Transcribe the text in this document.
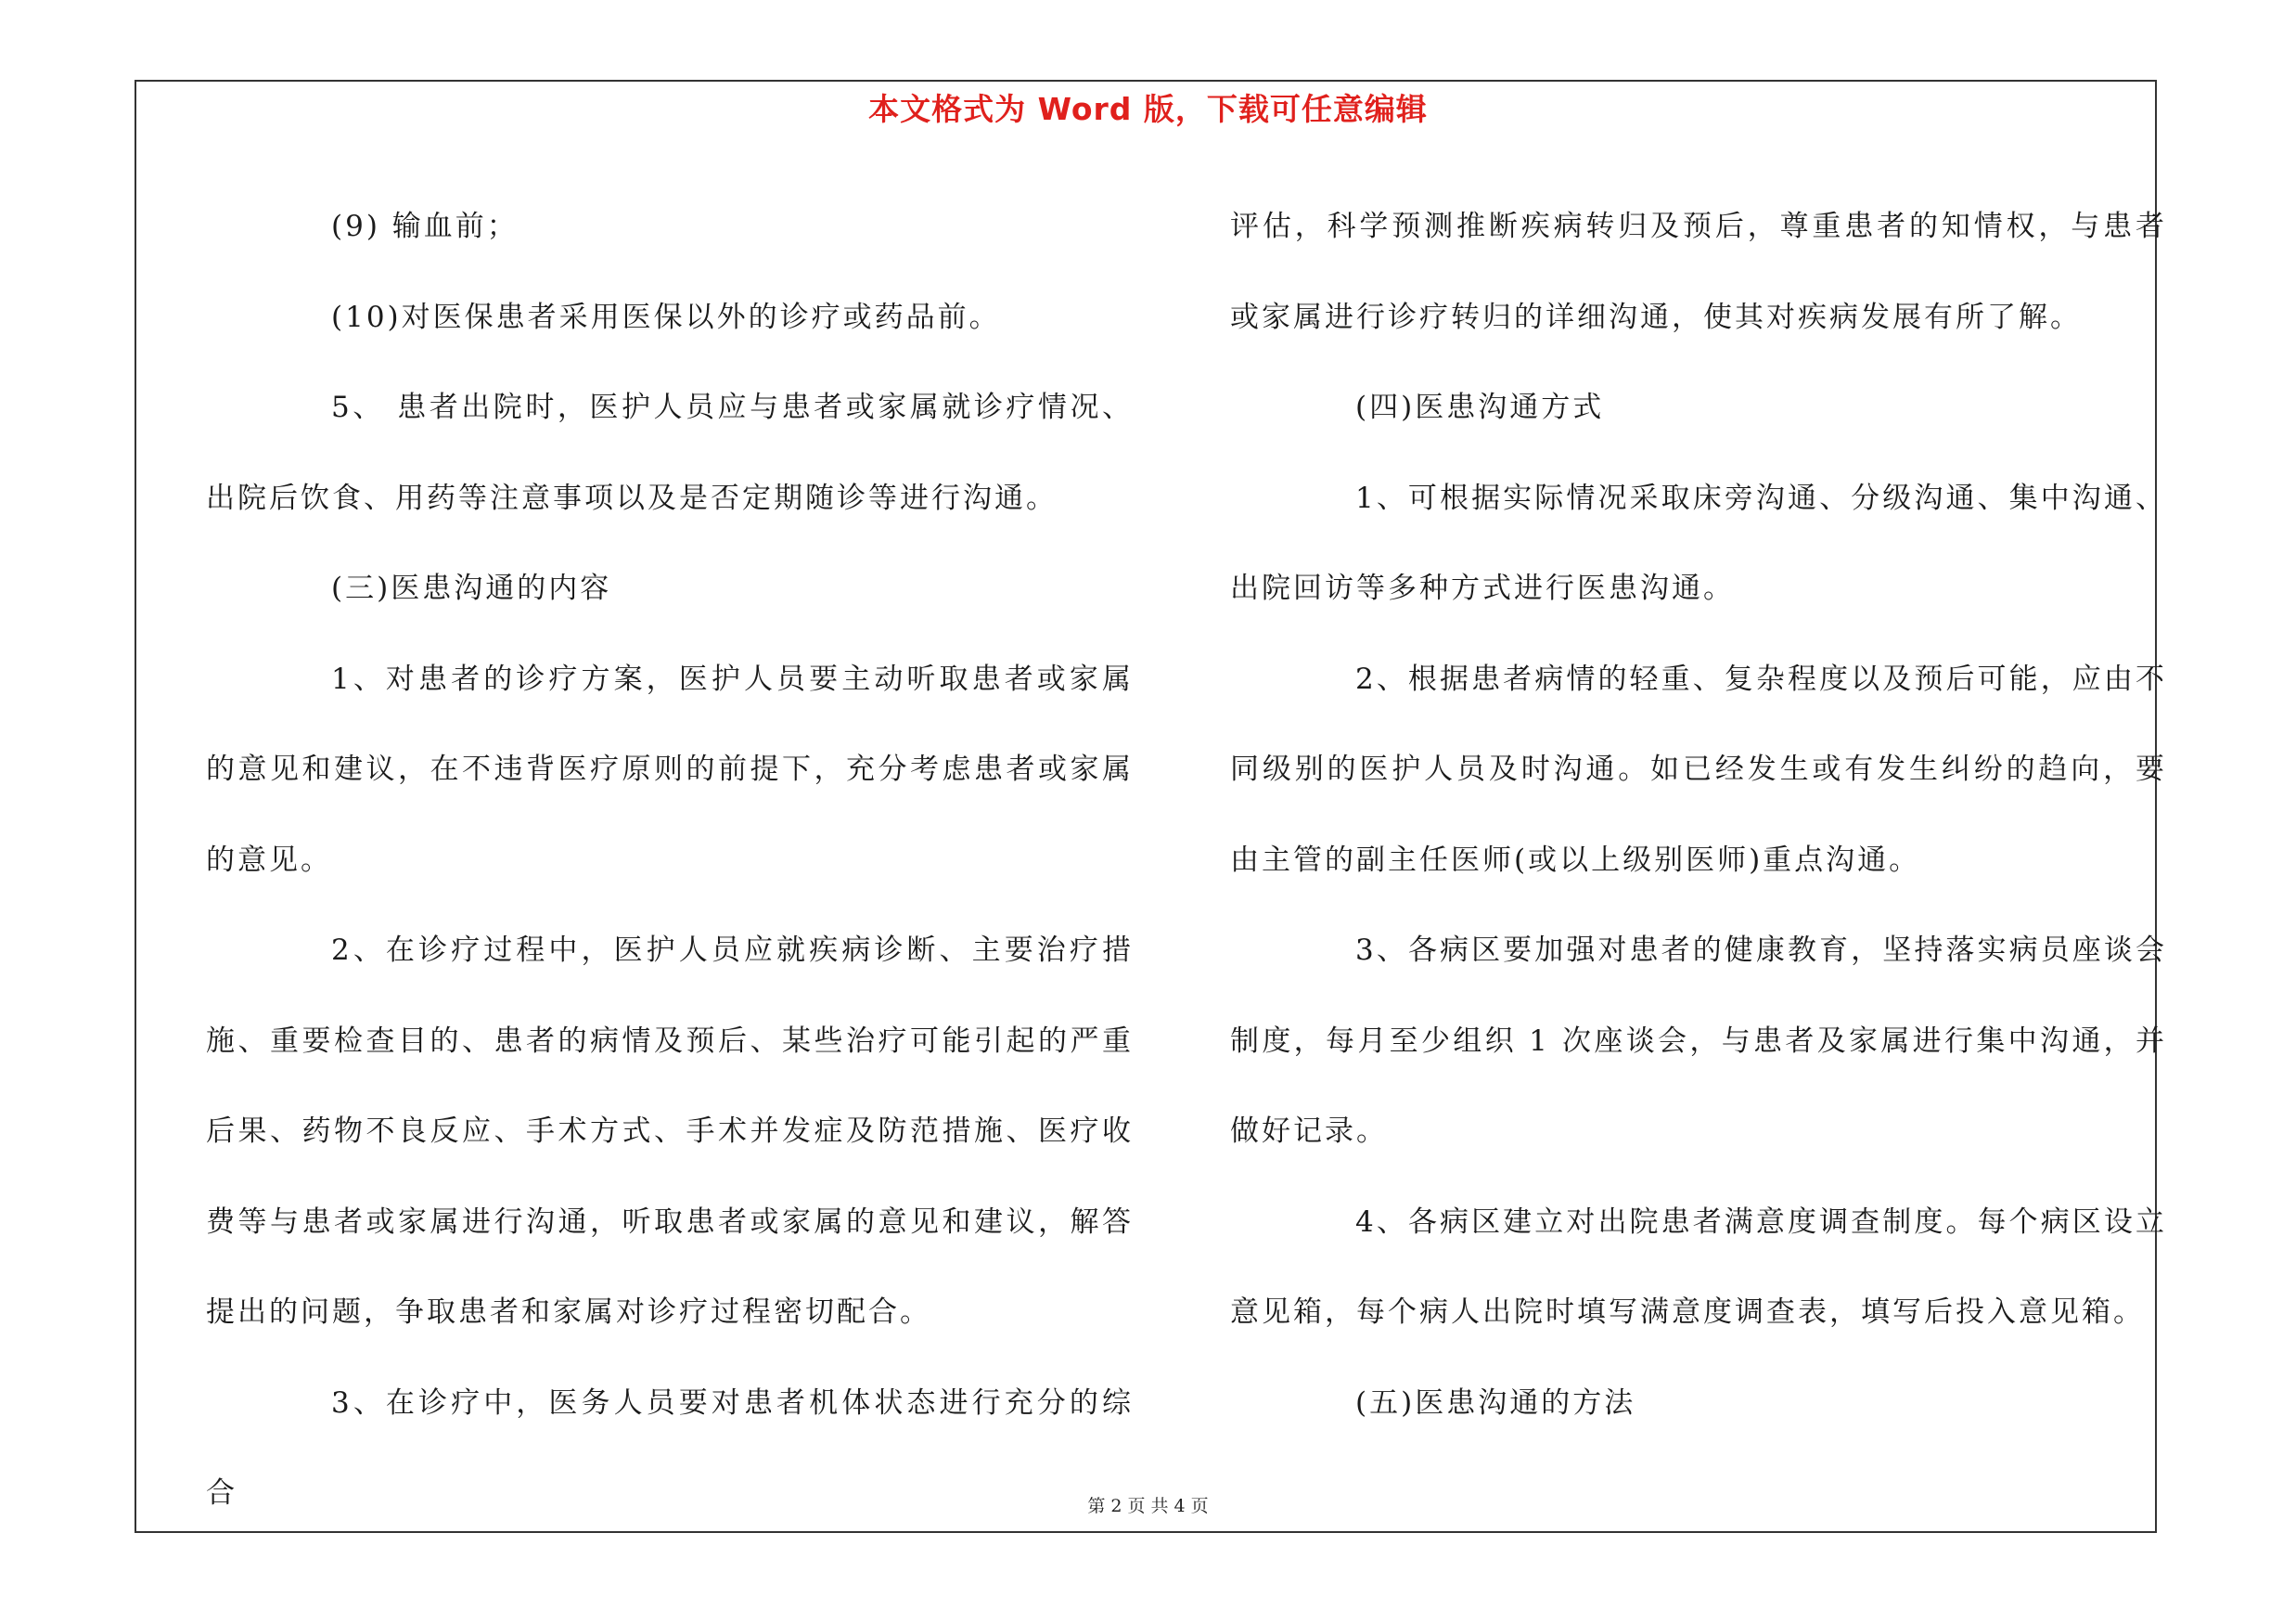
本文格式为 Word 版，下载可任意编辑

(9) 输血前；

(10)对医保患者采用医保以外的诊疗或药品前。

5、 患者出院时，医护人员应与患者或家属就诊疗情况、出院后饮食、用药等注意事项以及是否定期随诊等进行沟通。

(三)医患沟通的内容

1、对患者的诊疗方案，医护人员要主动听取患者或家属的意见和建议，在不违背医疗原则的前提下，充分考虑患者或家属的意见。

2、在诊疗过程中，医护人员应就疾病诊断、主要治疗措施、重要检查目的、患者的病情及预后、某些治疗可能引起的严重后果、药物不良反应、手术方式、手术并发症及防范措施、医疗收费等与患者或家属进行沟通，听取患者或家属的意见和建议，解答提出的问题，争取患者和家属对诊疗过程密切配合。

3、在诊疗中，医务人员要对患者机体状态进行充分的综合

评估，科学预测推断疾病转归及预后，尊重患者的知情权，与患者或家属进行诊疗转归的详细沟通，使其对疾病发展有所了解。

(四)医患沟通方式

1、可根据实际情况采取床旁沟通、分级沟通、集中沟通、出院回访等多种方式进行医患沟通。

2、根据患者病情的轻重、复杂程度以及预后可能，应由不同级别的医护人员及时沟通。如已经发生或有发生纠纷的趋向，要由主管的副主任医师(或以上级别医师)重点沟通。

3、各病区要加强对患者的健康教育，坚持落实病员座谈会制度，每月至少组织 1 次座谈会，与患者及家属进行集中沟通，并做好记录。

4、各病区建立对出院患者满意度调查制度。每个病区设立意见箱，每个病人出院时填写满意度调查表，填写后投入意见箱。

(五)医患沟通的方法

第 2 页 共 4 页
